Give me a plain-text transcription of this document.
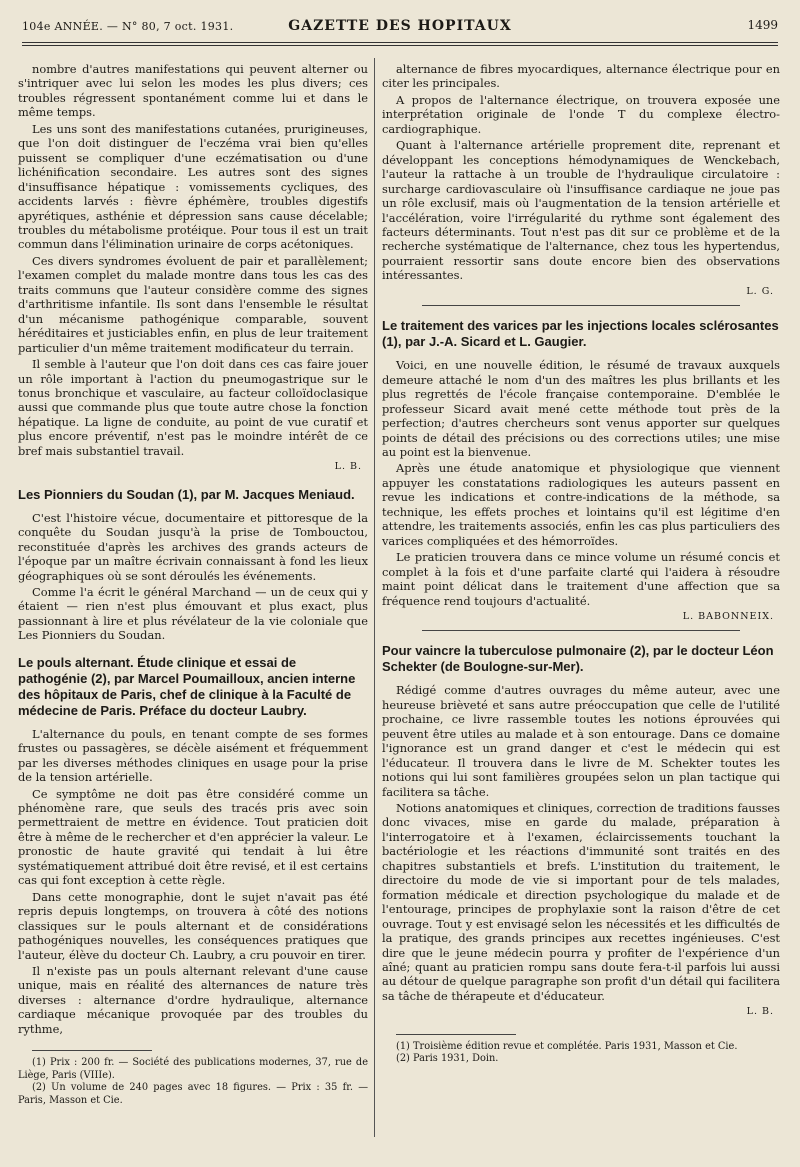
104e ANNÉE. — N° 80, 7 oct. 1931.	GAZETTE DES HOPITAUX	1499

nombre d'autres manifestations qui peuvent alterner ou s'intriquer avec lui selon les modes les plus divers; ces troubles régressent spontanément comme lui et dans le même temps.

Les uns sont des manifestations cutanées, prurigineuses, que l'on doit distinguer de l'eczéma vrai bien qu'elles puissent se compliquer d'une eczématisation ou d'une lichénification secondaire. Les autres sont des signes d'insuffisance hépatique : vomissements cycliques, des accidents larvés : fièvre éphémère, troubles digestifs apyrétiques, asthénie et dépression sans cause décelable; troubles du métabolisme protéique. Pour tous il est un trait commun dans l'élimination urinaire de corps acétoniques.

Ces divers syndromes évoluent de pair et parallèlement; l'examen complet du malade montre dans tous les cas des traits communs que l'auteur considère comme des signes d'arthritisme infantile. Ils sont dans l'ensemble le résultat d'un mécanisme pathogénique comparable, souvent héréditaires et justiciables enfin, en plus de leur traitement particulier d'un même traitement modificateur du terrain.

Il semble à l'auteur que l'on doit dans ces cas faire jouer un rôle important à l'action du pneumogastrique sur le tonus bronchique et vasculaire, au facteur colloïdoclasique aussi que commande plus que toute autre chose la fonction hépatique. La ligne de conduite, au point de vue curatif et plus encore préventif, n'est pas le moindre intérêt de ce bref mais substantiel travail.

L. B.

Les Pionniers du Soudan (1), par M. Jacques Meniaud.

C'est l'histoire vécue, documentaire et pittoresque de la conquête du Soudan jusqu'à la prise de Tombouctou, reconstituée d'après les archives des grands acteurs de l'époque par un maître écrivain connaissant à fond les lieux géographiques où se sont déroulés les événements.

Comme l'a écrit le général Marchand — un de ceux qui y étaient — rien n'est plus émouvant et plus exact, plus passionnant à lire et plus révélateur de la vie coloniale que Les Pionniers du Soudan.

Le pouls alternant. Étude clinique et essai de pathogénie (2), par Marcel Poumailloux, ancien interne des hôpitaux de Paris, chef de clinique à la Faculté de médecine de Paris. Préface du docteur Laubry.

L'alternance du pouls, en tenant compte de ses formes frustes ou passagères, se décèle aisément et fréquemment par les diverses méthodes cliniques en usage pour la prise de la tension artérielle.

Ce symptôme ne doit pas être considéré comme un phénomène rare, que seuls des tracés pris avec soin permettraient de mettre en évidence. Tout praticien doit être à même de le rechercher et d'en apprécier la valeur. Le pronostic de haute gravité qui tendait à lui être systématiquement attribué doit être revisé, et il est certains cas qui font exception à cette règle.

Dans cette monographie, dont le sujet n'avait pas été repris depuis longtemps, on trouvera à côté des notions classiques sur le pouls alternant et de considérations pathogéniques nouvelles, les conséquences pratiques que l'auteur, élève du docteur Ch. Laubry, a cru pouvoir en tirer.

Il n'existe pas un pouls alternant relevant d'une cause unique, mais en réalité des alternances de nature très diverses : alternance d'ordre hydraulique, alternance cardiaque mécanique provoquée par des troubles du rythme,

(1) Prix : 200 fr. — Société des publications modernes, 37, rue de Liège, Paris (VIIIe).

(2) Un volume de 240 pages avec 18 figures. — Prix : 35 fr. — Paris, Masson et Cie.

alternance de fibres myocardiques, alternance électrique pour en citer les principales.

A propos de l'alternance électrique, on trouvera exposée une interprétation originale de l'onde T du complexe électro-cardiographique.

Quant à l'alternance artérielle proprement dite, reprenant et développant les conceptions hémodynamiques de Wenckebach, l'auteur la rattache à un trouble de l'hydraulique circulatoire : surcharge cardiovasculaire où l'insuffisance cardiaque ne joue pas un rôle exclusif, mais où l'augmentation de la tension artérielle et l'accélération, voire l'irrégularité du rythme sont également des facteurs déterminants. Tout n'est pas dit sur ce problème et de la recherche systématique de l'alternance, chez tous les hypertendus, pourraient ressortir sans doute encore bien des observations intéressantes.

L. G.

Le traitement des varices par les injections locales sclérosantes (1), par J.-A. Sicard et L. Gaugier.

Voici, en une nouvelle édition, le résumé de travaux auxquels demeure attaché le nom d'un des maîtres les plus brillants et les plus regrettés de l'école française contemporaine. D'emblée le professeur Sicard avait mené cette méthode tout près de la perfection; d'autres chercheurs sont venus apporter sur quelques points de détail des précisions ou des corrections utiles; une mise au point est la bienvenue.

Après une étude anatomique et physiologique que viennent appuyer les constatations radiologiques les auteurs passent en revue les indications et contre-indications de la méthode, sa technique, les effets proches et lointains qu'il est légitime d'en attendre, les traitements associés, enfin les cas plus particuliers des varices compliquées et des hémorroïdes.

Le praticien trouvera dans ce mince volume un résumé concis et complet à la fois et d'une parfaite clarté qui l'aidera à résoudre maint point délicat dans le traitement d'une affection que sa fréquence rend toujours d'actualité.

L. BABONNEIX.

Pour vaincre la tuberculose pulmonaire (2), par le docteur Léon Schekter (de Boulogne-sur-Mer).

Rédigé comme d'autres ouvrages du même auteur, avec une heureuse brièveté et sans autre préoccupation que celle de l'utilité prochaine, ce livre rassemble toutes les notions éprouvées qui peuvent être utiles au malade et à son entourage. Dans ce domaine l'ignorance est un grand danger et c'est le médecin qui est l'éducateur. Il trouvera dans le livre de M. Schekter toutes les notions qui lui sont familières groupées selon un plan tactique qui facilitera sa tâche.

Notions anatomiques et cliniques, correction de traditions fausses donc vivaces, mise en garde du malade, préparation à l'interrogatoire et à l'examen, éclaircissements touchant la bactériologie et les réactions d'immunité sont traités en des chapitres substantiels et brefs. L'institution du traitement, le directoire du mode de vie si important pour de tels malades, formation médicale et direction psychologique du malade et de l'entourage, principes de prophylaxie sont la raison d'être de cet ouvrage. Tout y est envisagé selon les nécessités et les difficultés de la pratique, des grands principes aux recettes ingénieuses. C'est dire que le jeune médecin pourra y profiter de l'expérience d'un aîné; quant au praticien rompu sans doute fera-t-il parfois lui aussi au détour de quelque paragraphe son profit d'un détail qui facilitera sa tâche de thérapeute et d'éducateur.

L. B.

(1) Troisième édition revue et complétée. Paris 1931, Masson et Cie.

(2) Paris 1931, Doin.
